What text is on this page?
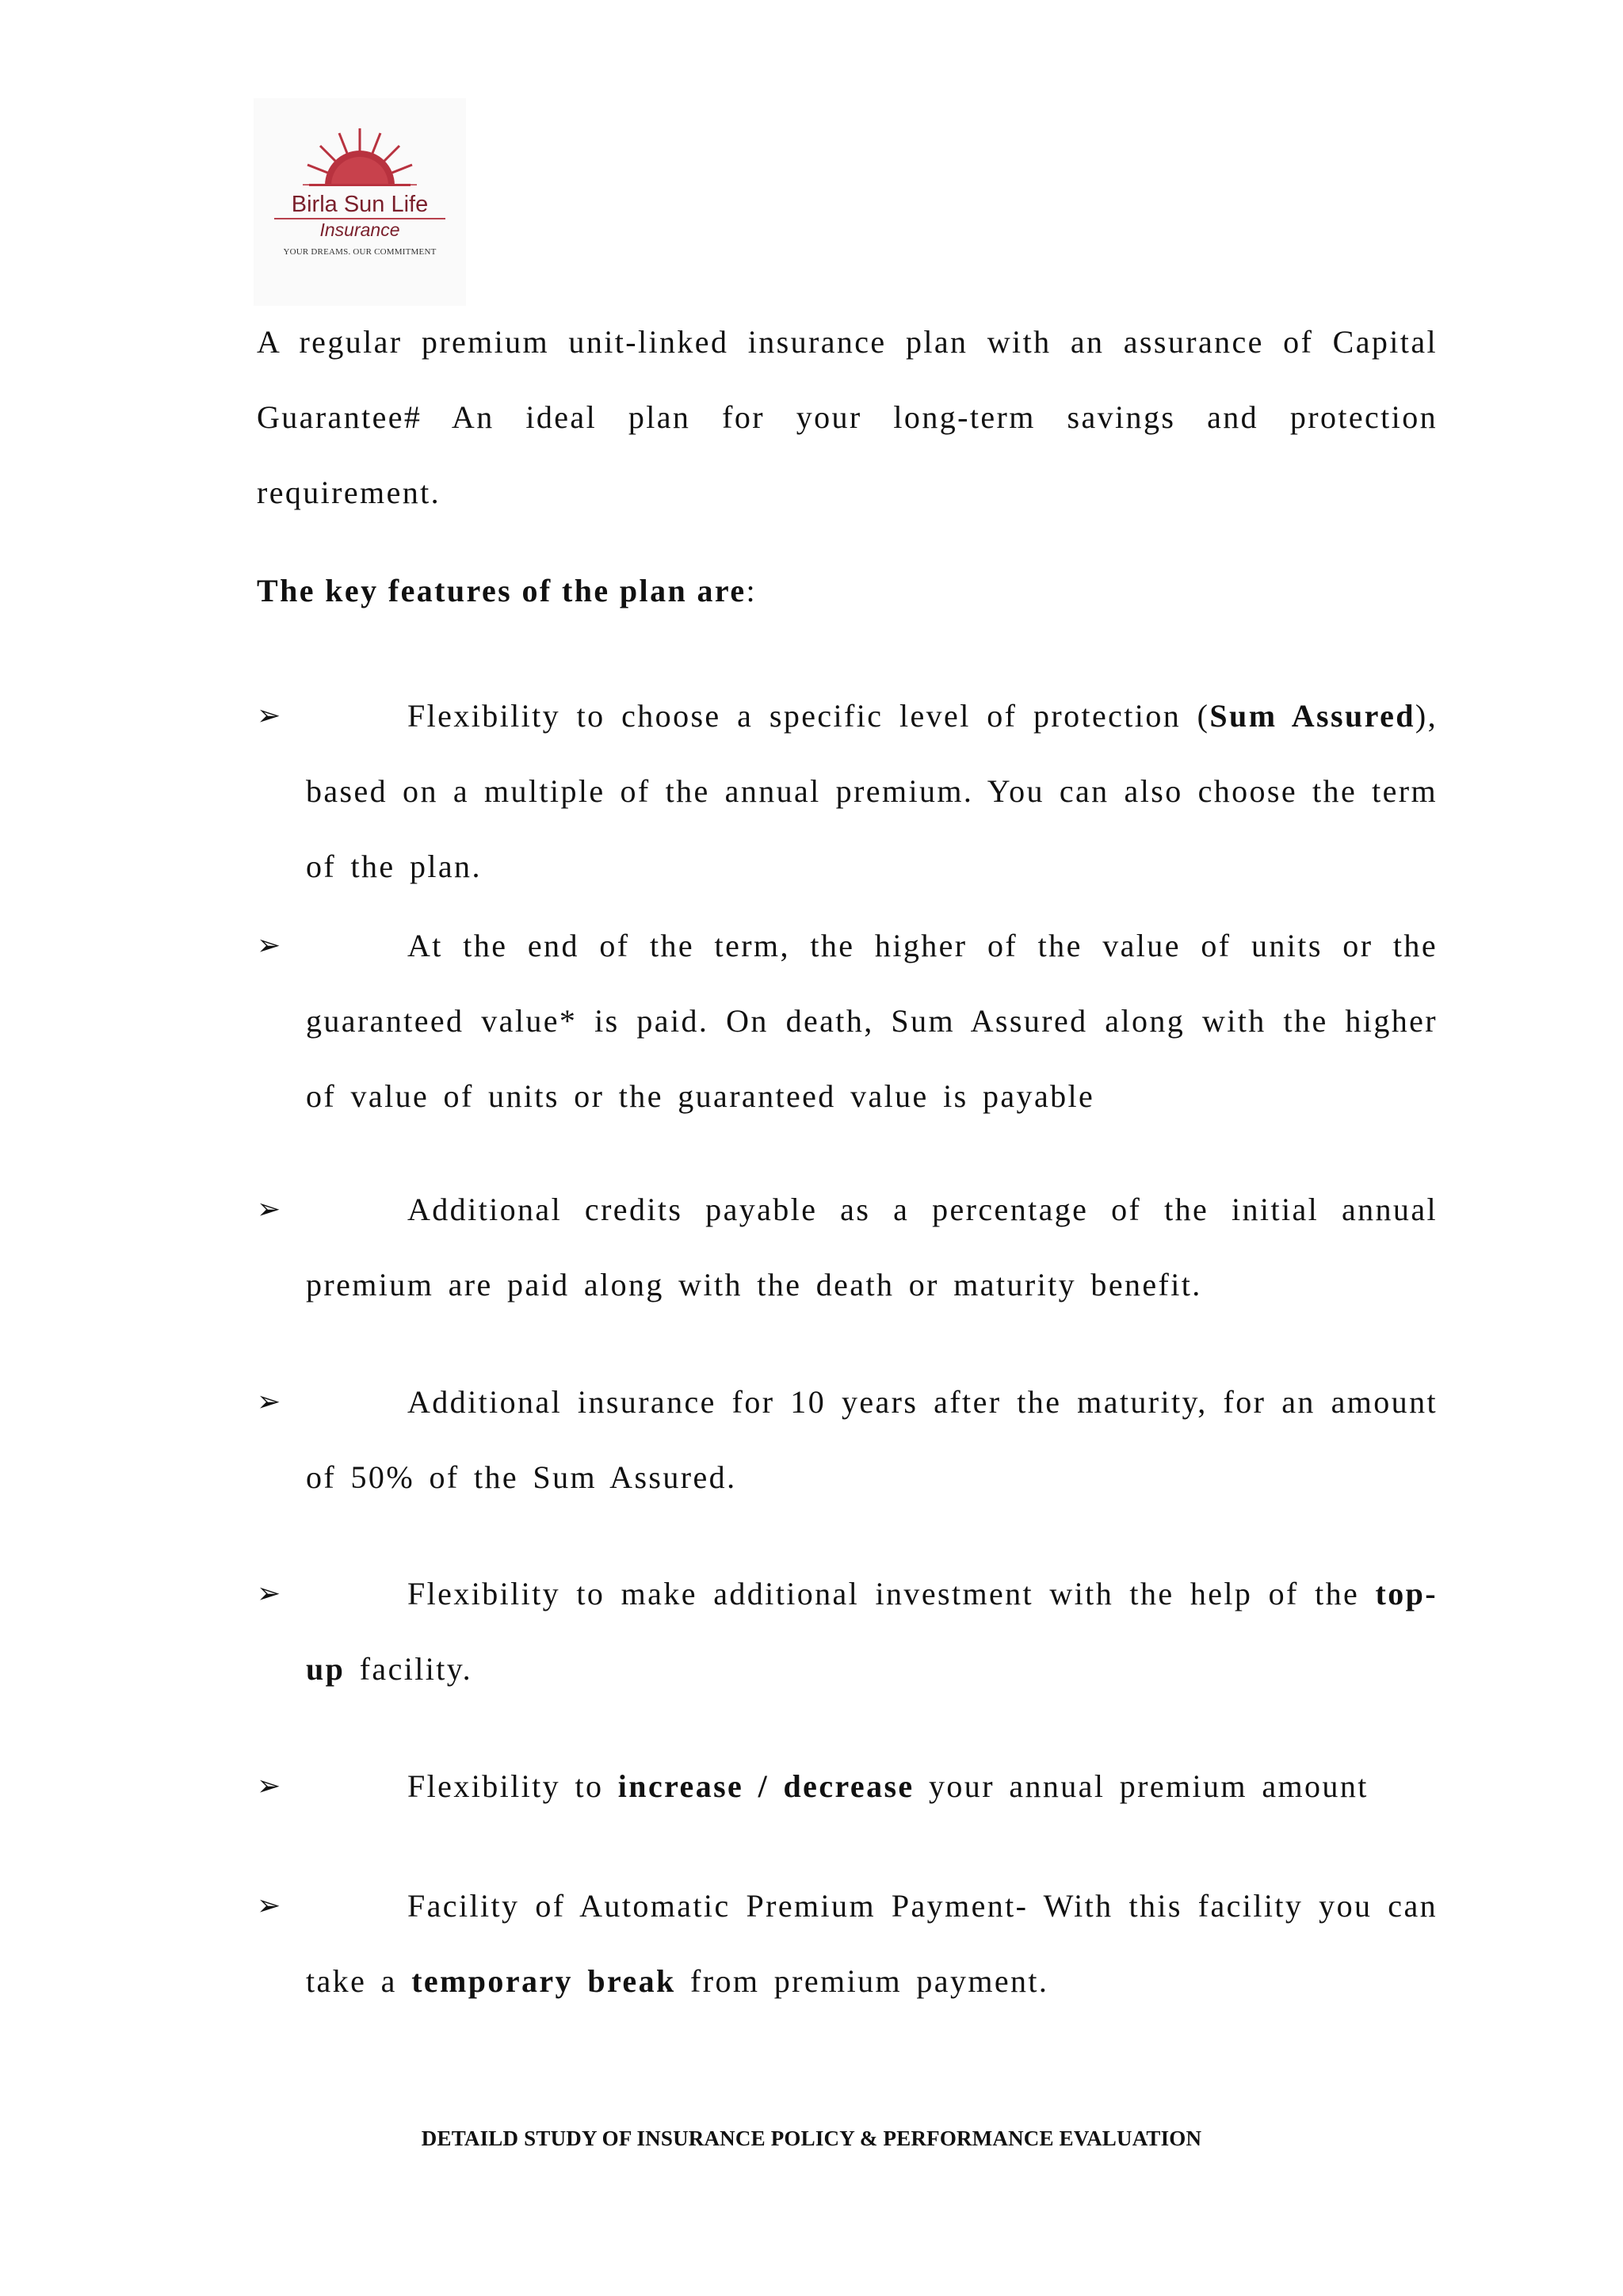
Birla Sun Life
Insurance
YOUR DREAMS. OUR COMMITMENT
A regular premium unit-linked insurance plan with an assurance of Capital Guarantee# An ideal plan for your long-term savings and protection requirement.
The key features of the plan are:
➢	Flexibility to choose a specific level of protection (Sum Assured), based on a multiple of the annual premium. You can also choose the term of the plan.
➢	At the end of the term, the higher of the value of units or the guaranteed value* is paid. On death, Sum Assured along with the higher of value of units or the guaranteed value is payable
➢	Additional credits payable as a percentage of the initial annual premium are paid along with the death or maturity benefit.
➢	Additional insurance for 10 years after the maturity, for an amount of 50% of the Sum Assured.
➢	Flexibility to make additional investment with the help of the top-up facility.
➢	Flexibility to increase / decrease your annual premium amount
➢	Facility of Automatic Premium Payment- With this facility you can take a temporary break from premium payment.
DETAILD STUDY OF INSURANCE POLICY & PERFORMANCE EVALUATION
